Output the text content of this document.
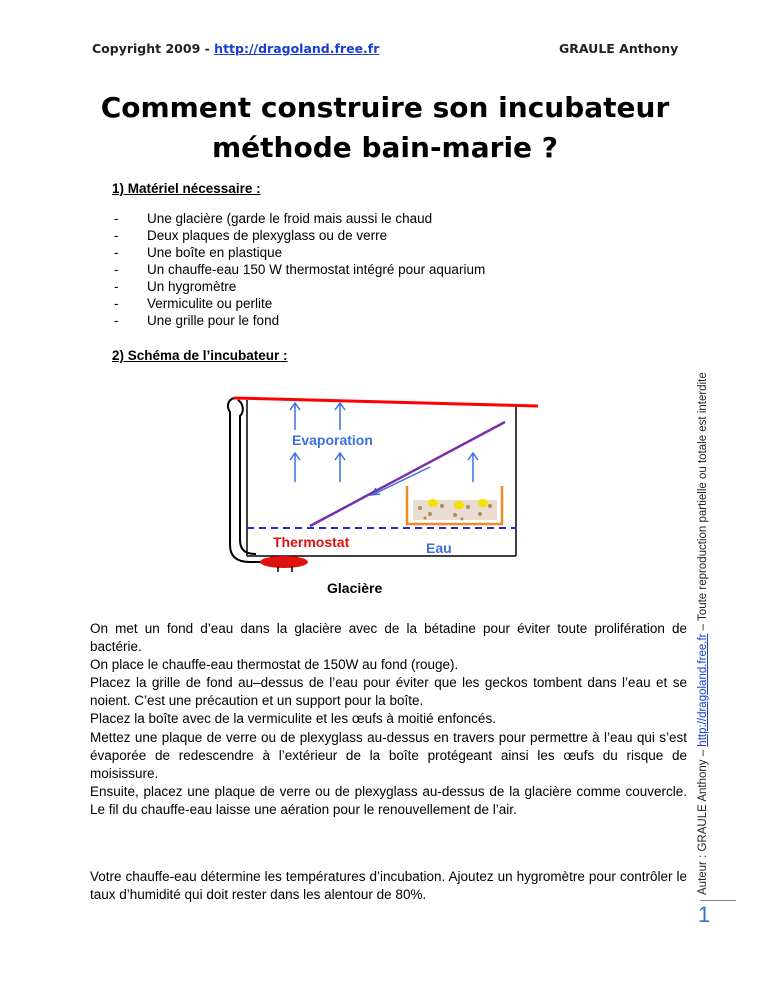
Copyright 2009 - http://dragoland.free.fr	GRAULE Anthony
Comment construire son incubateur
méthode bain-marie ?
1) Matériel nécessaire :
- Une glacière (garde le froid mais aussi le chaud
- Deux plaques de plexyglass ou de verre
- Une boîte en plastique
- Un chauffe-eau 150 W thermostat intégré pour aquarium
- Un hygromètre
- Vermiculite ou perlite
- Une grille pour le fond
2) Schéma de l’incubateur :
Evaporation
Thermostat	Eau
Glacière

On met un fond d’eau dans la glacière avec de la bétadine pour éviter toute prolifération de bactérie.

On place le chauffe-eau thermostat de 150W au fond (rouge).

Placez la grille de fond au–dessus de l’eau pour éviter que les geckos tombent dans l’eau et se noient. C’est une précaution et un support pour la boîte.

Placez la boîte avec de la vermiculite et les œufs à moitié enfoncés.

Mettez une plaque de verre ou de plexyglass au-dessus en travers pour permettre à l’eau qui s’est évaporée de redescendre à l’extérieur de la boîte protégeant ainsi les œufs du risque de moisissure.

Ensuite, placez une plaque de verre ou de plexyglass au-dessus de la glacière comme couvercle. Le fil du chauffe-eau laisse une aération pour le renouvellement de l’air.

Votre chauffe-eau détermine les températures d’incubation. Ajoutez un hygromètre pour contrôler le taux d’humidité qui doit rester dans les alentour de 80%.	Auteur : GRAULE Anthony – http://dragoland.free.fr – Toute reproduction partielle ou totale est interdite
1
